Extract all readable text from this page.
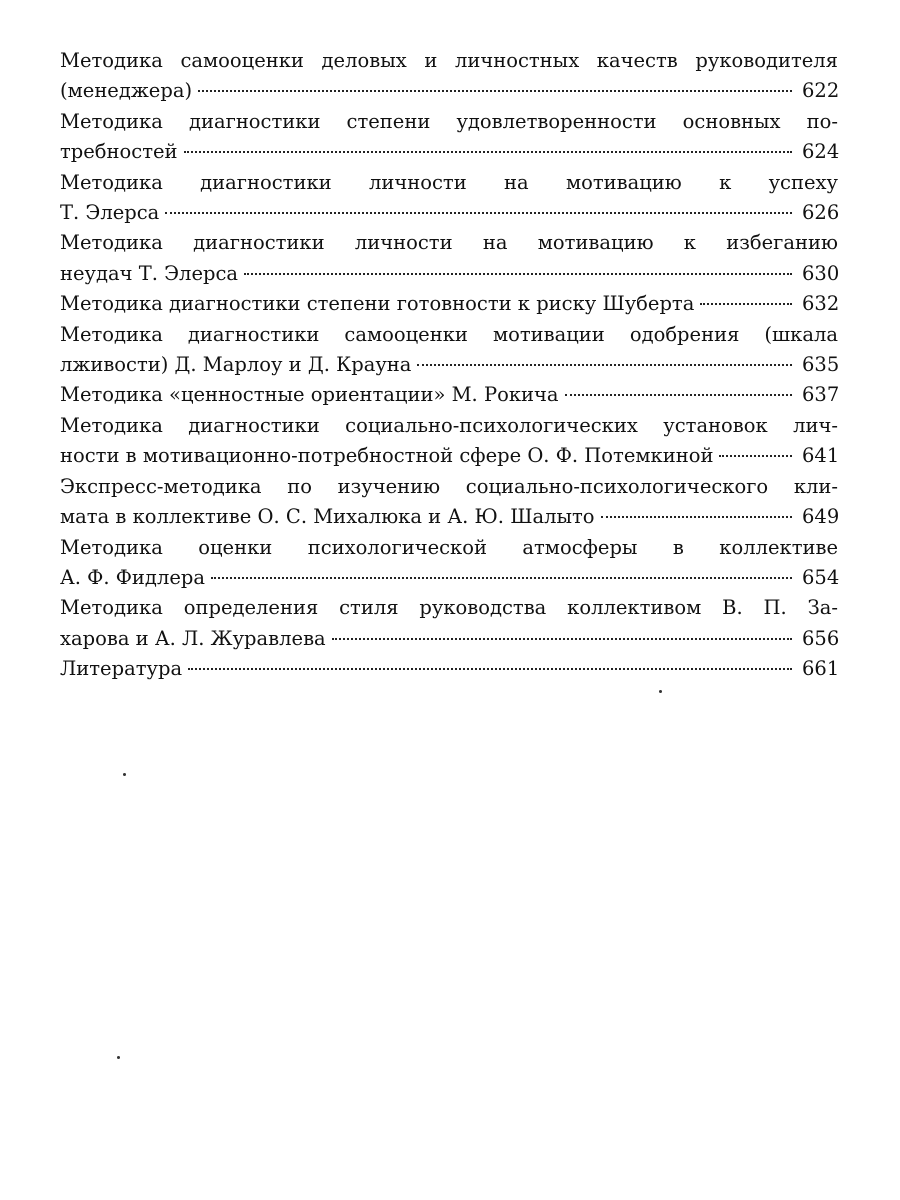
Методика самооценки деловых и личностных качеств руководителя
(менеджера)	622
Методика диагностики степени удовлетворенности основных по-
требностей	624
Методика диагностики личности на мотивацию к успеху
Т. Элерса	626
Методика диагностики личности на мотивацию к избеганию
неудач Т. Элерса	630
Методика диагностики степени готовности к риску Шуберта	632
Методика диагностики самооценки мотивации одобрения (шкала
лживости) Д. Марлоу и Д. Крауна	635
Методика «ценностные ориентации» М. Рокича	637
Методика диагностики социально-психологических установок лич-
ности в мотивационно-потребностной сфере О. Ф. Потемкиной	641
Экспресс-методика по изучению социально-психологического кли-
мата в коллективе О. С. Михалюка и А. Ю. Шалыто	649
Методика оценки психологической атмосферы в коллективе
А. Ф. Фидлера	654
Методика определения стиля руководства коллективом В. П. За-
харова и А. Л. Журавлева	656
Литература	661
